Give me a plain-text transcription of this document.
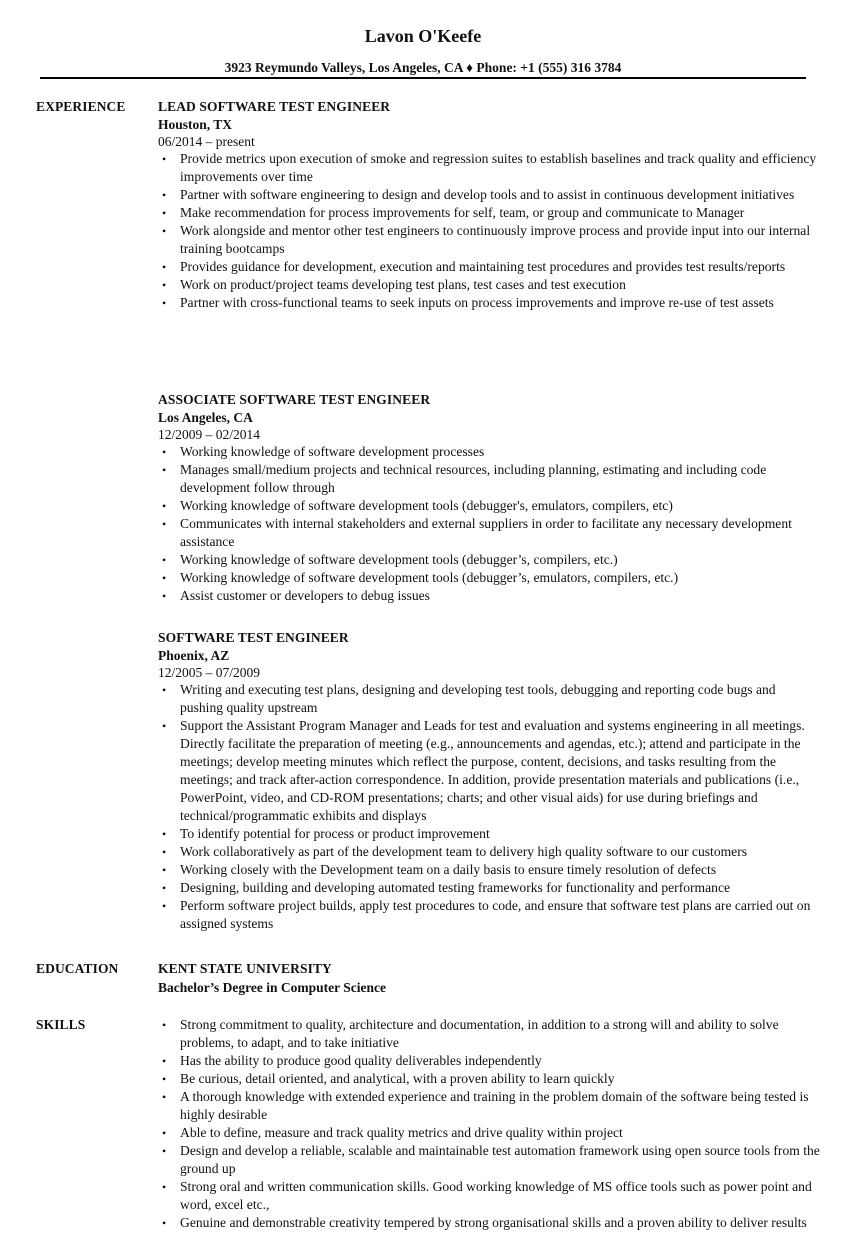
Lavon O'Keefe
3923 Reymundo Valleys, Los Angeles, CA ♦ Phone: +1 (555) 316 3784
EXPERIENCE	LEAD SOFTWARE TEST ENGINEER
Houston, TX
06/2014 – present
• Provide metrics upon execution of smoke and regression suites to establish baselines and track quality and efficiency improvements over time
• Partner with software engineering to design and develop tools and to assist in continuous development initiatives
• Make recommendation for process improvements for self, team, or group and communicate to Manager
• Work alongside and mentor other test engineers to continuously improve process and provide input into our internal training bootcamps
• Provides guidance for development, execution and maintaining test procedures and provides test results/reports
• Work on product/project teams developing test plans, test cases and test execution
• Partner with cross-functional teams to seek inputs on process improvements and improve re-use of test assets
ASSOCIATE SOFTWARE TEST ENGINEER
Los Angeles, CA
12/2009 – 02/2014
• Working knowledge of software development processes
• Manages small/medium projects and technical resources, including planning, estimating and including code development follow through
• Working knowledge of software development tools (debugger's, emulators, compilers, etc)
• Communicates with internal stakeholders and external suppliers in order to facilitate any necessary development assistance
• Working knowledge of software development tools (debugger’s, compilers, etc.)
• Working knowledge of software development tools (debugger’s, emulators, compilers, etc.)
• Assist customer or developers to debug issues
SOFTWARE TEST ENGINEER
Phoenix, AZ
12/2005 – 07/2009
• Writing and executing test plans, designing and developing test tools, debugging and reporting code bugs and pushing quality upstream
• Support the Assistant Program Manager and Leads for test and evaluation and systems engineering in all meetings. Directly facilitate the preparation of meeting (e.g., announcements and agendas, etc.); attend and participate in the meetings; develop meeting minutes which reflect the purpose, content, decisions, and tasks resulting from the meetings; and track after-action correspondence. In addition, provide presentation materials and publications (i.e., PowerPoint, video, and CD-ROM presentations; charts; and other visual aids) for use during briefings and technical/programmatic exhibits and displays
• To identify potential for process or product improvement
• Work collaboratively as part of the development team to delivery high quality software to our customers
• Working closely with the Development team on a daily basis to ensure timely resolution of defects
• Designing, building and developing automated testing frameworks for functionality and performance
• Perform software project builds, apply test procedures to code, and ensure that software test plans are carried out on assigned systems
EDUCATION	KENT STATE UNIVERSITY
Bachelor’s Degree in Computer Science
SKILLS
•	Strong commitment to quality, architecture and documentation, in addition to a strong will and ability to solve problems, to adapt, and to take initiative
• Has the ability to produce good quality deliverables independently
• Be curious, detail oriented, and analytical, with a proven ability to learn quickly
• A thorough knowledge with extended experience and training in the problem domain of the software being tested is highly desirable
• Able to define, measure and track quality metrics and drive quality within project
• Design and develop a reliable, scalable and maintainable test automation framework using open source tools from the ground up
• Strong oral and written communication skills. Good working knowledge of MS office tools such as power point and word, excel etc.,
• Genuine and demonstrable creativity tempered by strong organisational skills and a proven ability to deliver results
